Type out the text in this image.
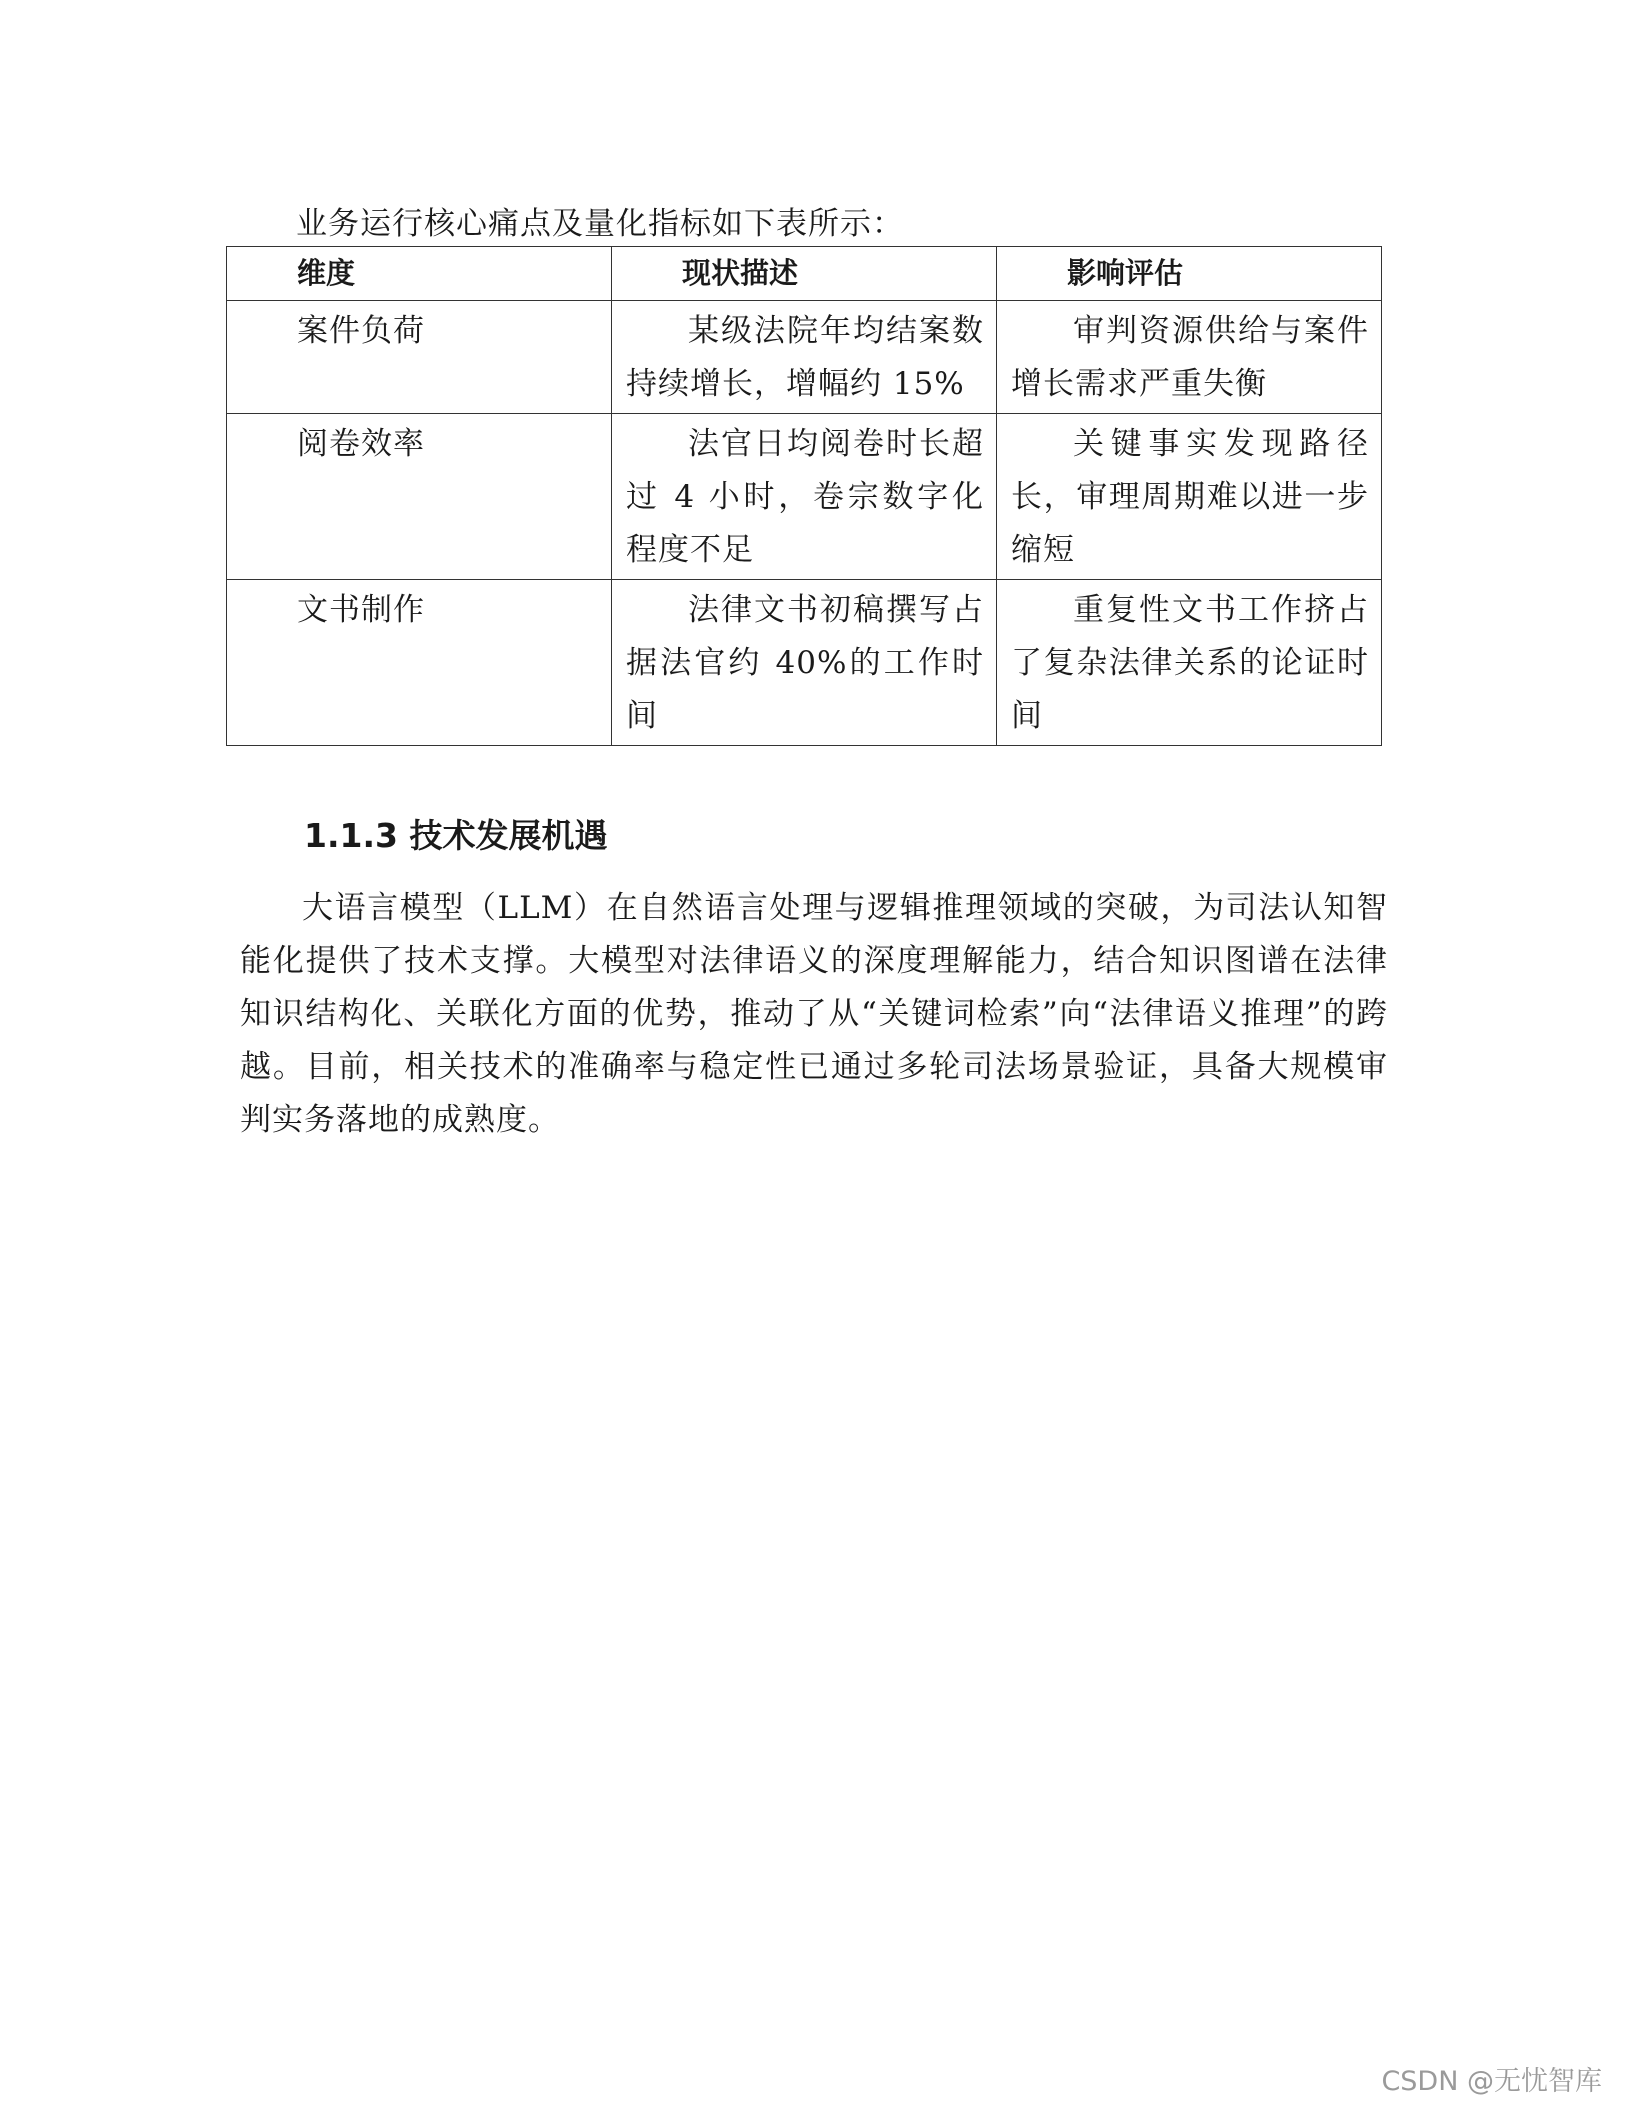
业务运行核心痛点及量化指标如下表所示：
维度	现状描述	影响评估
案件负荷	某级法院年均结案数持续增长，增幅约 15%	审判资源供给与案件增长需求严重失衡

阅卷效率	法官日均阅卷时长超过 4 小时，卷宗数字化程度不足	关键事实发现路径长，审理周期难以进一步缩短

文书制作	法律文书初稿撰写占据法官约 40%的工作时间	重复性文书工作挤占了复杂法律关系的论证时间
1.1.3 技术发展机遇

大语言模型（LLM）在自然语言处理与逻辑推理领域的突破，为司法认知智能化提供了技术支撑。大模型对法律语义的深度理解能力，结合知识图谱在法律知识结构化、关联化方面的优势，推动了从“关键词检索”向“法律语义推理”的跨越。目前，相关技术的准确率与稳定性已通过多轮司法场景验证，具备大规模审判实务落地的成熟度。

CSDN @无忧智库
